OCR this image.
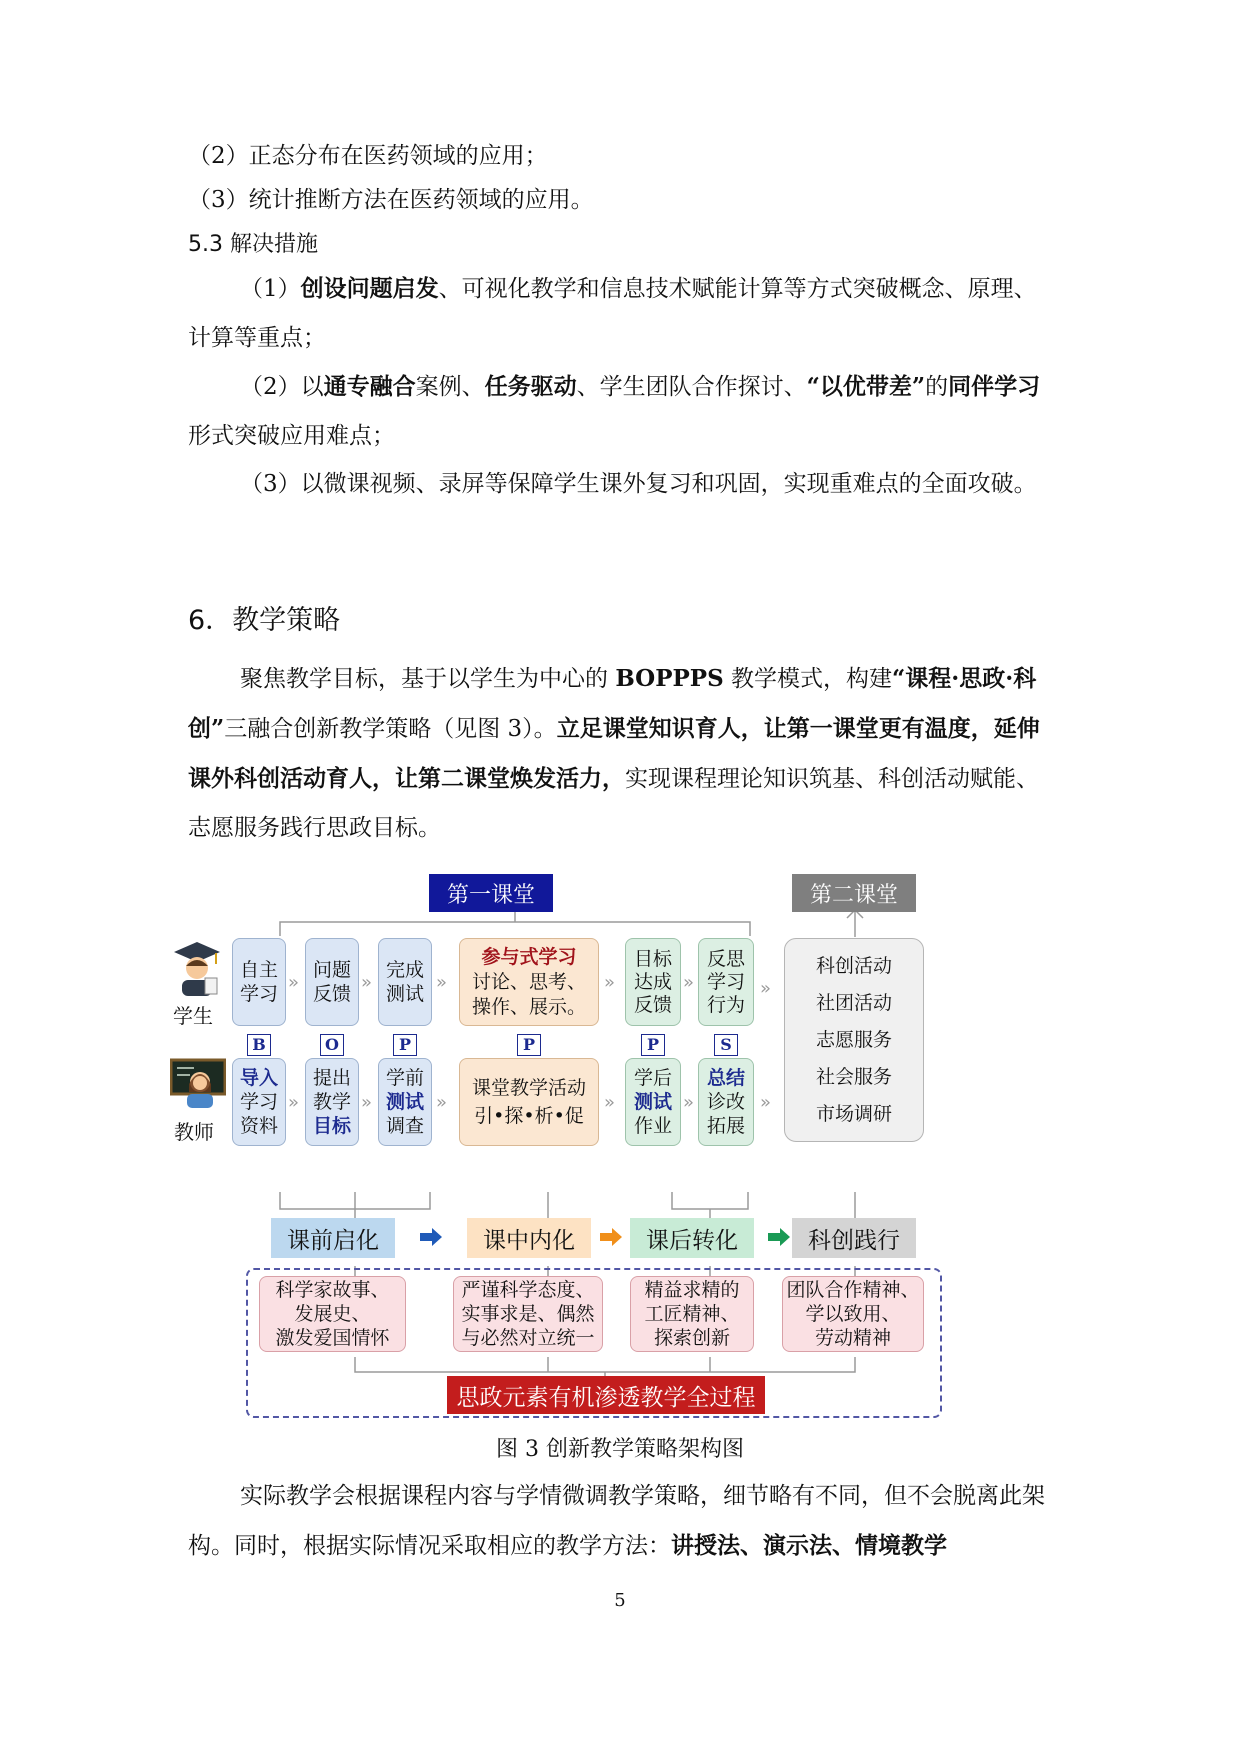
（2）正态分布在医药领域的应用；

（3）统计推断方法在医药领域的应用。

5.3 解决措施

（1）创设问题启发、可视化教学和信息技术赋能计算等方式突破概念、原理、计算等重点；

（2）以通专融合案例、任务驱动、学生团队合作探讨、“以优带差”的同伴学习形式突破应用难点；

（3）以微课视频、录屏等保障学生课外复习和巩固，实现重难点的全面攻破。

6．教学策略

聚焦教学目标，基于以学生为中心的 BOPPPS 教学模式，构建“课程·思政·科创”三融合创新教学策略（见图 3）。立足课堂知识育人，让第一课堂更有温度，延伸课外科创活动育人，让第二课堂焕发活力，实现课程理论知识筑基、科创活动赋能、志愿服务践行思政目标。

第一课堂	第二课堂
学生
教师
自主
学习
问题
反馈
完成
测试
参与式学习
讨论、思考、
操作、展示。
目标
达成
反馈
反思
学习
行为
科创活动
社团活动
志愿服务
社会服务
市场调研
»	»	»	»	»	»
B	O	P	P	P	S
导入
学习
资料
提出
教学
目标
学前
测试
调查
课堂教学活动
引•探•析•促
学后
测试
作业
总结
诊改
拓展
»	»	»	»	»	»
课前启化	课中内化	课后转化	科创践行
科学家故事、
发展史、
激发爱国情怀
严谨科学态度、
实事求是、偶然
与必然对立统一
精益求精的
工匠精神、
探索创新
团队合作精神、
学以致用、
劳动精神
思政元素有机渗透教学全过程
图 3 创新教学策略架构图

实际教学会根据课程内容与学情微调教学策略，细节略有不同，但不会脱离此架构。同时，根据实际情况采取相应的教学方法：讲授法、演示法、情境教学

5
